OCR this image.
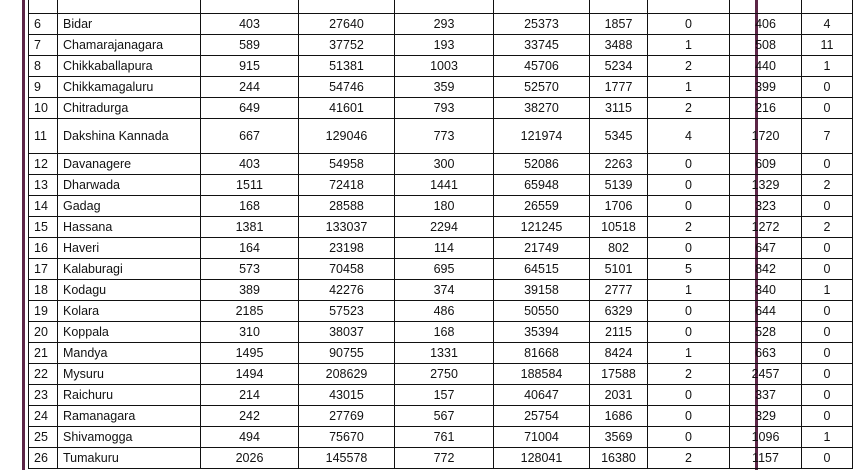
6	Bidar	403	27640	293	25373	1857	0	406	4
7	Chamarajanagara	589	37752	193	33745	3488	1	508	11
8	Chikkaballapura	915	51381	1003	45706	5234	2	440	1
9	Chikkamagaluru	244	54746	359	52570	1777	1	399	0
10	Chitradurga	649	41601	793	38270	3115	2	216	0
11	Dakshina Kannada	667	129046	773	121974	5345	4	1720	7
12	Davanagere	403	54958	300	52086	2263	0	609	0
13	Dharwada	1511	72418	1441	65948	5139	0	1329	2
14	Gadag	168	28588	180	26559	1706	0	323	0
15	Hassana	1381	133037	2294	121245	10518	2	1272	2
16	Haveri	164	23198	114	21749	802	0	647	0
17	Kalaburagi	573	70458	695	64515	5101	5	842	0
18	Kodagu	389	42276	374	39158	2777	1	340	1
19	Kolara	2185	57523	486	50550	6329	0	644	0
20	Koppala	310	38037	168	35394	2115	0	528	0
21	Mandya	1495	90755	1331	81668	8424	1	663	0
22	Mysuru	1494	208629	2750	188584	17588	2	2457	0
23	Raichuru	214	43015	157	40647	2031	0	337	0
24	Ramanagara	242	27769	567	25754	1686	0	329	0
25	Shivamogga	494	75670	761	71004	3569	0	1096	1
26	Tumakuru	2026	145578	772	128041	16380	2	1157	0
